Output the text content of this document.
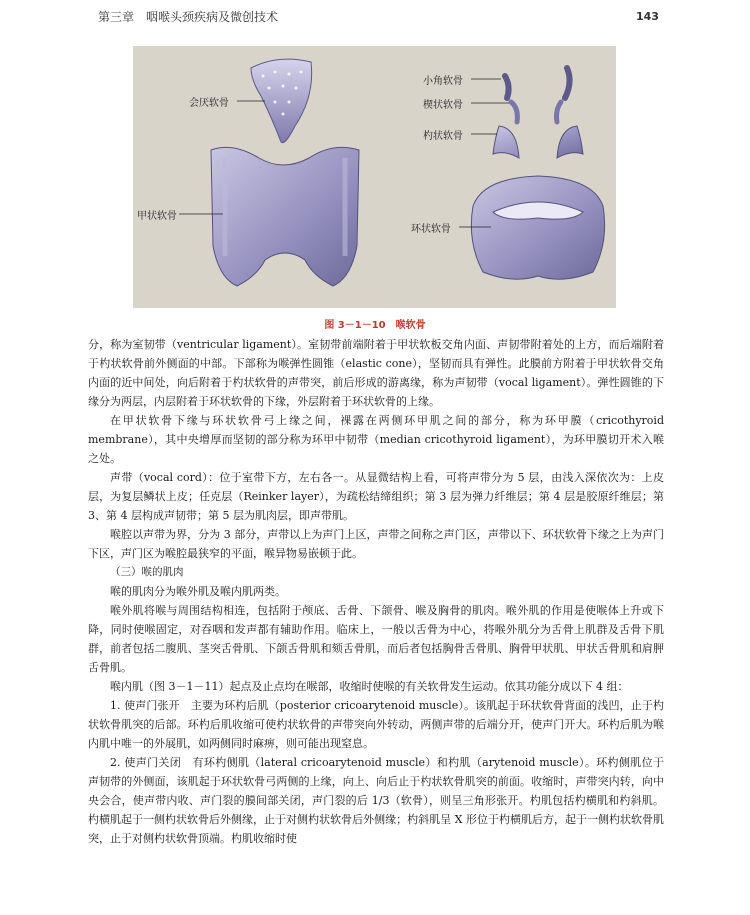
第三章　咽喉头颈疾病及微创技术	143
会厌软骨
甲状软骨
小角软骨
楔状软骨
杓状软骨
环状软骨
图 3－1－10　喉软骨

分，称为室韧带（ventricular ligament）。室韧带前端附着于甲状软板交角内面、声韧带附着处的上方，而后端附着于杓状软骨前外侧面的中部。下部称为喉弹性圆锥（elastic cone），坚韧而具有弹性。此膜前方附着于甲状软骨交角内面的近中间处，向后附着于杓状软骨的声带突，前后形成的游离缘，称为声韧带（vocal ligament）。弹性圆锥的下缘分为两层，内层附着于环状软骨的下缘，外层附着于环状软骨的上缘。

在甲状软骨下缘与环状软骨弓上缘之间，裸露在两侧环甲肌之间的部分，称为环甲膜（cricothyroid membrane），其中央增厚而坚韧的部分称为环甲中韧带（median cricothyroid ligament），为环甲膜切开术入喉之处。

声带（vocal cord）：位于室带下方，左右各一。从显微结构上看，可将声带分为 5 层，由浅入深依次为：上皮层，为复层鳞状上皮；任克层（Reinker layer），为疏松结缔组织；第 3 层为弹力纤维层；第 4 层是胶原纤维层；第 3、第 4 层构成声韧带；第 5 层为肌肉层，即声带肌。

喉腔以声带为界，分为 3 部分，声带以上为声门上区，声带之间称之声门区，声带以下、环状软骨下缘之上为声门下区，声门区为喉腔最狭窄的平面，喉异物易嵌顿于此。

（三）喉的肌肉

喉的肌肉分为喉外肌及喉内肌两类。

喉外肌将喉与周围结构相连，包括附于颅底、舌骨、下颌骨、喉及胸骨的肌肉。喉外肌的作用是使喉体上升或下降，同时使喉固定，对吞咽和发声都有辅助作用。临床上，一般以舌骨为中心，将喉外肌分为舌骨上肌群及舌骨下肌群，前者包括二腹肌、茎突舌骨肌、下颌舌骨肌和颏舌骨肌，而后者包括胸骨舌骨肌、胸骨甲状肌、甲状舌骨肌和肩胛舌骨肌。

喉内肌（图 3－1－11）起点及止点均在喉部，收缩时使喉的有关软骨发生运动。依其功能分成以下 4 组：

1. 使声门张开　主要为环杓后肌（posterior cricoarytenoid muscle）。该肌起于环状软骨背面的浅凹，止于杓状软骨肌突的后部。环杓后肌收缩可使杓状软骨的声带突向外转动，两侧声带的后端分开，使声门开大。环杓后肌为喉内肌中唯一的外展肌，如两侧同时麻痹，则可能出现窒息。

2. 使声门关闭　有环杓侧肌（lateral cricoarytenoid muscle）和杓肌（arytenoid muscle）。环杓侧肌位于声韧带的外侧面，该肌起于环状软骨弓两侧的上缘，向上、向后止于杓状软骨肌突的前面。收缩时，声带突内转，向中央会合，使声带内收、声门裂的膜间部关闭，声门裂的后 1/3（软骨），则呈三角形张开。杓肌包括杓横肌和杓斜肌。杓横肌起于一侧杓状软骨后外侧缘，止于对侧杓状软骨后外侧缘；杓斜肌呈 X 形位于杓横肌后方，起于一侧杓状软骨肌突，止于对侧杓状软骨顶端。杓肌收缩时使
